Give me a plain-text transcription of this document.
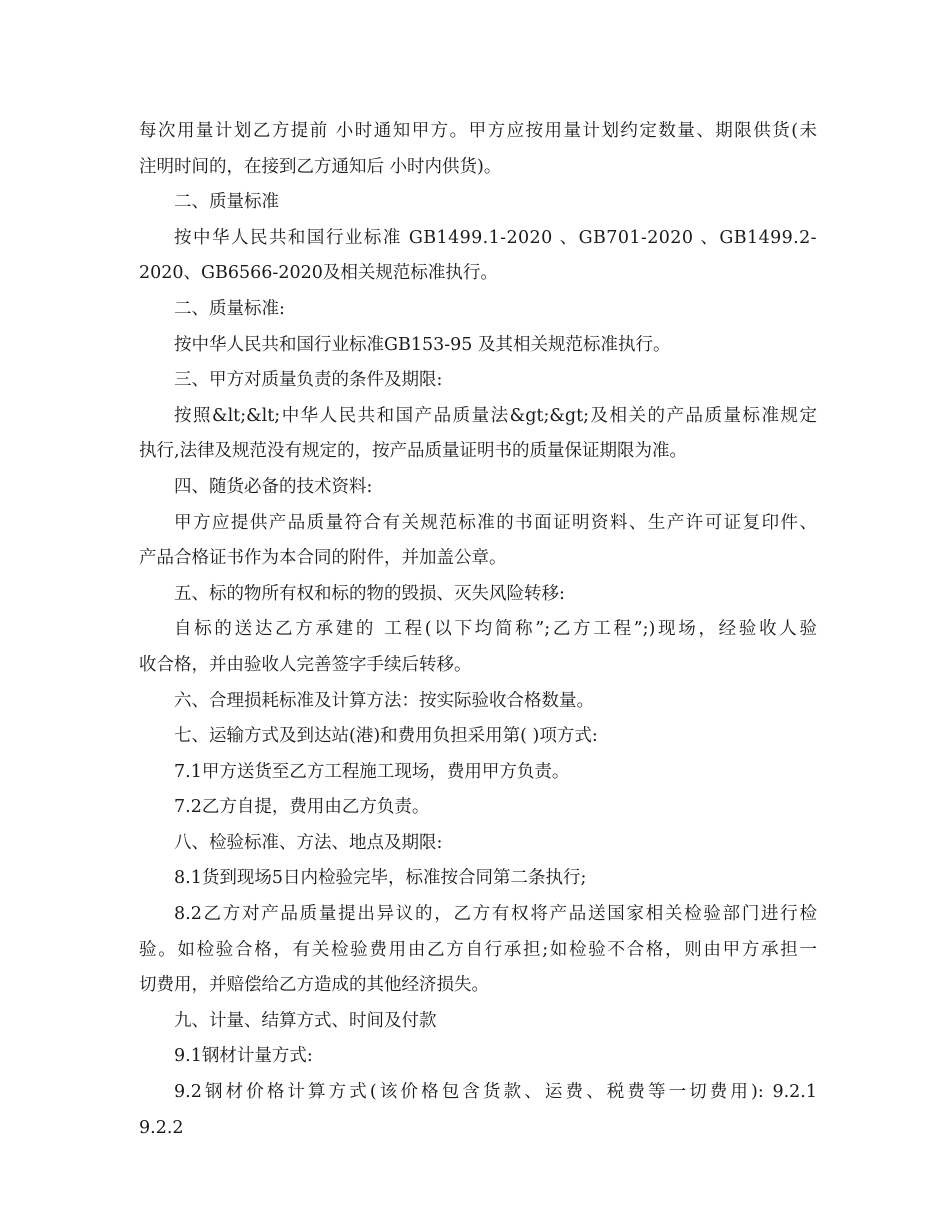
每次用量计划乙方提前 小时通知甲方。甲方应按用量计划约定数量、期限供货(未
注明时间的，在接到乙方通知后 小时内供货)。
二、质量标准
按中华人民共和国行业标准 GB1499.1-2020 、GB701-2020 、GB1499.2-
2020、GB6566-2020及相关规范标准执行。
二、质量标准:
按中华人民共和国行业标准GB153-95 及其相关规范标准执行。
三、甲方对质量负责的条件及期限:
按照&lt;&lt;中华人民共和国产品质量法&gt;&gt;及相关的产品质量标准规定
执行,法律及规范没有规定的，按产品质量证明书的质量保证期限为准。
四、随货必备的技术资料:
甲方应提供产品质量符合有关规范标准的书面证明资料、生产许可证复印件、
产品合格证书作为本合同的附件，并加盖公章。
五、标的物所有权和标的物的毁损、灭失风险转移:
自标的送达乙方承建的 工程(以下均简称”;乙方工程”;)现场，经验收人验
收合格，并由验收人完善签字手续后转移。
六、合理损耗标准及计算方法：按实际验收合格数量。
七、运输方式及到达站(港)和费用负担采用第( )项方式:
7.1甲方送货至乙方工程施工现场，费用甲方负责。
7.2乙方自提，费用由乙方负责。
八、检验标准、方法、地点及期限:
8.1货到现场5日内检验完毕，标准按合同第二条执行;
8.2乙方对产品质量提出异议的，乙方有权将产品送国家相关检验部门进行检
验。如检验合格，有关检验费用由乙方自行承担;如检验不合格，则由甲方承担一
切费用，并赔偿给乙方造成的其他经济损失。
九、计量、结算方式、时间及付款
9.1钢材计量方式:
9.2钢材价格计算方式(该价格包含货款、运费、税费等一切费用): 9.2.1
9.2.2
